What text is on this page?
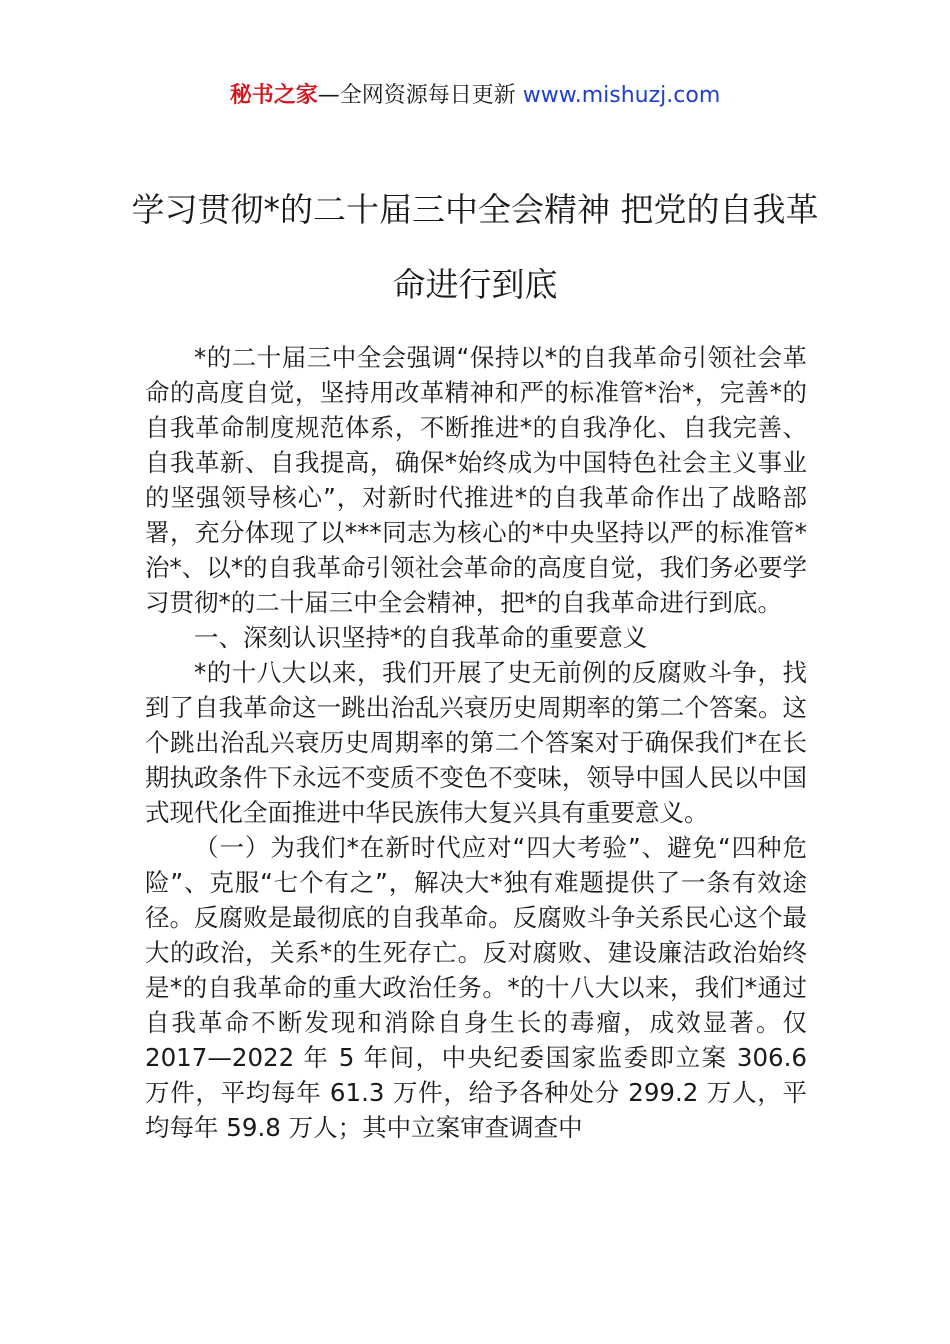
秘书之家—全网资源每日更新 www.mishuzj.com
学习贯彻*的二十届三中全会精神 把党的自我革命进行到底

*的二十届三中全会强调“保持以*的自我革命引领社会革命的高度自觉，坚持用改革精神和严的标准管*治*，完善*的自我革命制度规范体系，不断推进*的自我净化、自我完善、自我革新、自我提高，确保*始终成为中国特色社会主义事业的坚强领导核心”，对新时代推进*的自我革命作出了战略部署，充分体现了以***同志为核心的*中央坚持以严的标准管*治*、以*的自我革命引领社会革命的高度自觉，我们务必要学习贯彻*的二十届三中全会精神，把*的自我革命进行到底。

一、深刻认识坚持*的自我革命的重要意义

*的十八大以来，我们开展了史无前例的反腐败斗争，找到了自我革命这一跳出治乱兴衰历史周期率的第二个答案。这个跳出治乱兴衰历史周期率的第二个答案对于确保我们*在长期执政条件下永远不变质不变色不变味，领导中国人民以中国式现代化全面推进中华民族伟大复兴具有重要意义。

（一）为我们*在新时代应对“四大考验”、避免“四种危险”、克服“七个有之”，解决大*独有难题提供了一条有效途径。反腐败是最彻底的自我革命。反腐败斗争关系民心这个最大的政治，关系*的生死存亡。反对腐败、建设廉洁政治始终是*的自我革命的重大政治任务。*的十八大以来，我们*通过自我革命不断发现和消除自身生长的毒瘤，成效显著。仅 2017—2022 年 5 年间，中央纪委国家监委即立案 306.6 万件，平均每年 61.3 万件，给予各种处分 299.2 万人，平均每年 59.8 万人；其中立案审查调查中
